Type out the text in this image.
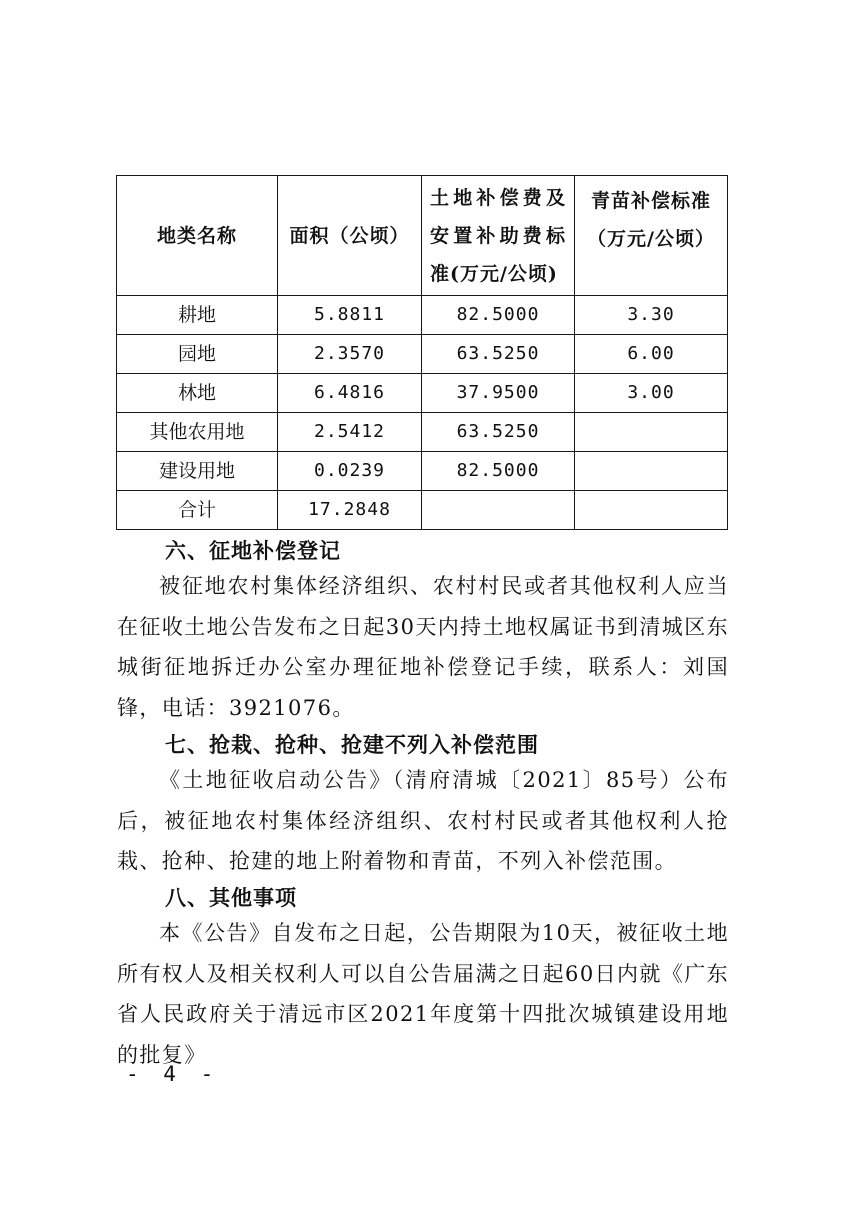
地类名称	面积（公顷）	土地补偿费及安置补助费标准(万元/公顷)	青苗补偿标准（万元/公顷）
耕地	5.8811	82.5000	3.30
园地	2.3570	63.5250	6.00
林地	6.4816	37.9500	3.00
其他农用地	2.5412	63.5250	
建设用地	0.0239	82.5000	
合计	17.2848		
六、征地补偿登记

被征地农村集体经济组织、农村村民或者其他权利人应当在征收土地公告发布之日起30天内持土地权属证书到清城区东城街征地拆迁办公室办理征地补偿登记手续，联系人：刘国锋，电话：3921076。

七、抢栽、抢种、抢建不列入补偿范围

《土地征收启动公告》（清府清城〔2021〕85号）公布后，被征地农村集体经济组织、农村村民或者其他权利人抢栽、抢种、抢建的地上附着物和青苗，不列入补偿范围。

八、其他事项

本《公告》自发布之日起，公告期限为10天，被征收土地所有权人及相关权利人可以自公告届满之日起60日内就《广东省人民政府关于清远市区2021年度第十四批次城镇建设用地的批复》

- 4 -
